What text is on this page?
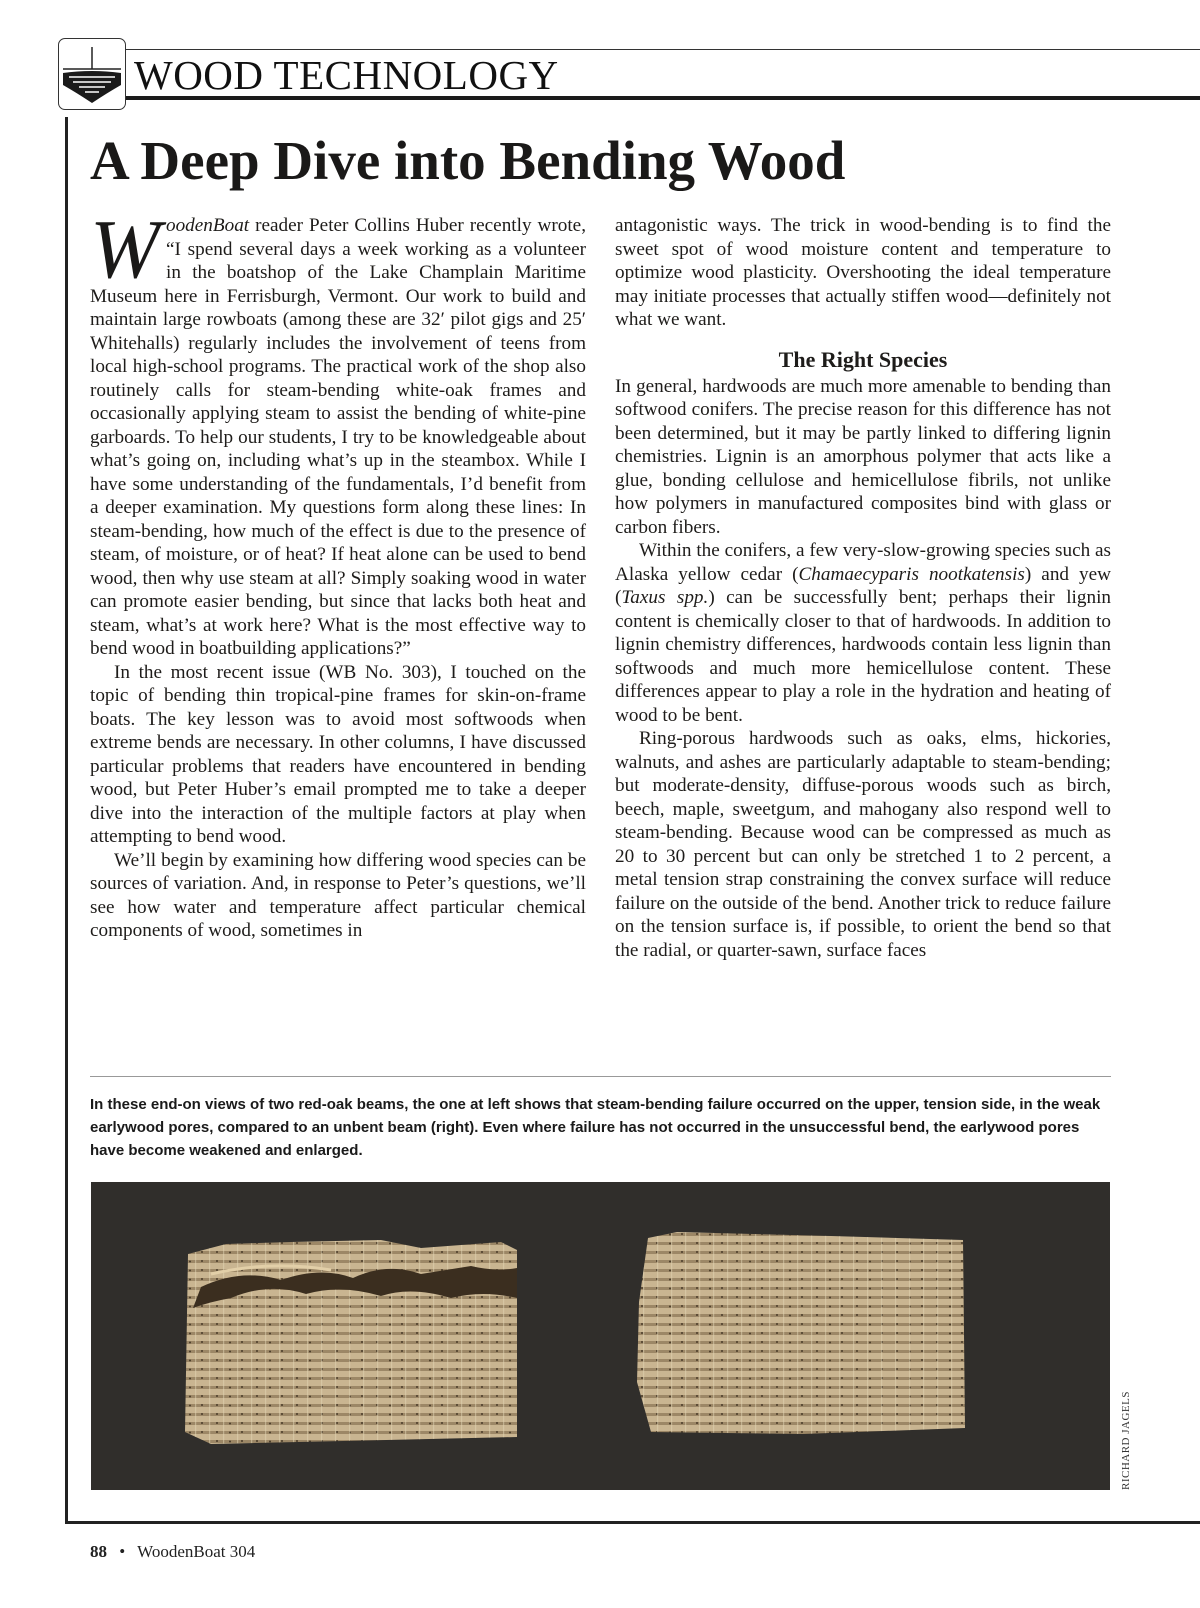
WOOD TECHNOLOGY
A Deep Dive into Bending Wood

WoodenBoat reader Peter Collins Huber recently wrote, “I spend several days a week working as a volunteer in the boatshop of the Lake Champlain Maritime Museum here in Ferrisburgh, Vermont. Our work to build and maintain large rowboats (among these are 32′ pilot gigs and 25′ Whitehalls) regularly includes the involvement of teens from local high-school programs. The practical work of the shop also routinely calls for steam-bending white-oak frames and occasionally applying steam to assist the bending of white-pine garboards. To help our students, I try to be knowledgeable about what’s going on, including what’s up in the steambox. While I have some understanding of the fundamentals, I’d benefit from a deeper examination. My questions form along these lines: In steam-bending, how much of the effect is due to the presence of steam, of moisture, or of heat? If heat alone can be used to bend wood, then why use steam at all? Simply soaking wood in water can promote easier bending, but since that lacks both heat and steam, what’s at work here? What is the most effective way to bend wood in boatbuilding applications?”

In the most recent issue (WB No. 303), I touched on the topic of bending thin tropical-pine frames for skin-on-frame boats. The key lesson was to avoid most softwoods when extreme bends are necessary. In other columns, I have discussed particular problems that readers have encountered in bending wood, but Peter Huber’s email prompted me to take a deeper dive into the interaction of the multiple factors at play when attempting to bend wood.

We’ll begin by examining how differing wood species can be sources of variation. And, in response to Peter’s questions, we’ll see how water and temperature affect particular chemical components of wood, sometimes in

antagonistic ways. The trick in wood-bending is to find the sweet spot of wood moisture content and temperature to optimize wood plasticity. Overshooting the ideal temperature may initiate processes that actually stiffen wood—definitely not what we want.

The Right Species

In general, hardwoods are much more amenable to bending than softwood conifers. The precise reason for this difference has not been determined, but it may be partly linked to differing lignin chemistries. Lignin is an amorphous polymer that acts like a glue, bonding cellulose and hemicellulose fibrils, not unlike how polymers in manufactured composites bind with glass or carbon fibers.

Within the conifers, a few very-slow-growing species such as Alaska yellow cedar (Chamaecyparis nootkatensis) and yew (Taxus spp.) can be successfully bent; perhaps their lignin content is chemically closer to that of hardwoods. In addition to lignin chemistry differences, hardwoods contain less lignin than softwoods and much more hemicellulose content. These differences appear to play a role in the hydration and heating of wood to be bent.

Ring-porous hardwoods such as oaks, elms, hickories, walnuts, and ashes are particularly adaptable to steam-bending; but moderate-density, diffuse-porous woods such as birch, beech, maple, sweetgum, and mahogany also respond well to steam-bending. Because wood can be compressed as much as 20 to 30 percent but can only be stretched 1 to 2 percent, a metal tension strap constraining the convex surface will reduce failure on the outside of the bend. Another trick to reduce failure on the tension surface is, if possible, to orient the bend so that the radial, or quarter-sawn, surface faces

In these end-on views of two red-oak beams, the one at left shows that steam-bending failure occurred on the upper, tension side, in the weak earlywood pores, compared to an unbent beam (right). Even where failure has not occurred in the unsuccessful bend, the earlywood pores have become weakened and enlarged.

RICHARD JAGELS
88 • WoodenBoat 304
